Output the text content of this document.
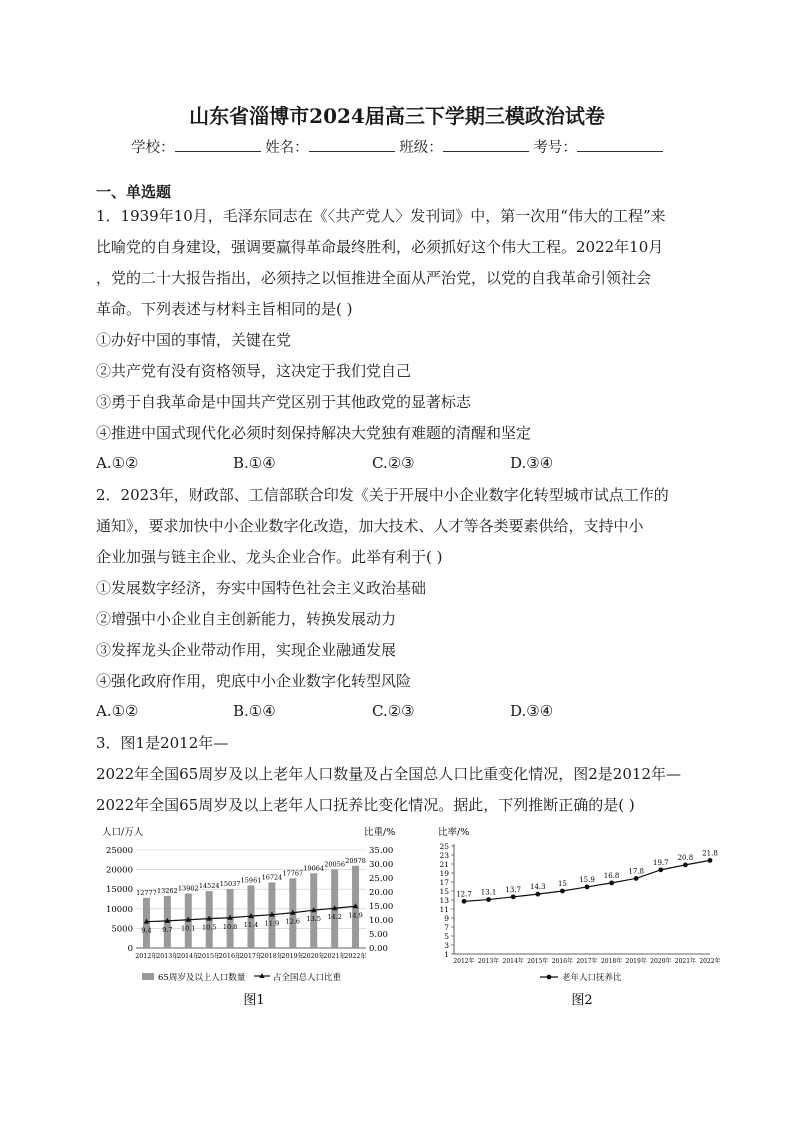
山东省淄博市2024届高三下学期三模政治试卷
学校：	姓名：	班级：	考号：
一、单选题
1．1939年10月，毛泽东同志在《〈共产党人〉发刊词》中，第一次用“伟大的工程”来
比喻党的自身建设，强调要赢得革命最终胜利，必须抓好这个伟大工程。2022年10月
，党的二十大报告指出，必须持之以恒推进全面从严治党，以党的自我革命引领社会
革命。下列表述与材料主旨相同的是( )
①办好中国的事情，关键在党
②共产党有没有资格领导，这决定于我们党自己
③勇于自我革命是中国共产党区别于其他政党的显著标志
④推进中国式现代化必须时刻保持解决大党独有难题的清醒和坚定
A.①②	B.①④	C.②③	D.③④
2．2023年，财政部、工信部联合印发《关于开展中小企业数字化转型城市试点工作的
通知》，要求加快中小企业数字化改造，加大技术、人才等各类要素供给，支持中小
企业加强与链主企业、龙头企业合作。此举有利于( )
①发展数字经济，夯实中国特色社会主义政治基础
②增强中小企业自主创新能力，转换发展动力
③发挥龙头企业带动作用，实现企业融通发展
④强化政府作用，兜底中小企业数字化转型风险
A.①②	B.①④	C.②③	D.③④
3．图1是2012年—
2022年全国65周岁及以上老年人口数量及占全国总人口比重变化情况，图2是2012年—
2022年全国65周岁及以上老年人口抚养比变化情况。据此，下列推断正确的是( )
人口/万人	比重/%
25000
20000
15000
10000
5000
0
35.00
30.00
25.00
20.00
15.00
10.00
5.00
0.00
12777 13262 13902 14524 15037 15961 16724
17767
19064 20056 20978
9.4 9.7 10.1 10.5 10.8 11.4 11.9 12.6 13.5 14.2 14.9
2012年
2013年
2014年
2015年
2016年
2017年
2018年
2019年
2020年
2021年
2022年
65周岁及以上人口数量	占全国总人口比重
图1
比率/%
25
23
21
19
17
15
13
11
9
7
5
3
1
12.7 13.1 13.7 14.3 15
15.9
16.8
17.8
19.7
20.8
21.8
2012年 2013年 2014年 2015年 2016年 2017年 2018年 2019年 2020年 2021年 2022年
老年人口抚养比
图2
